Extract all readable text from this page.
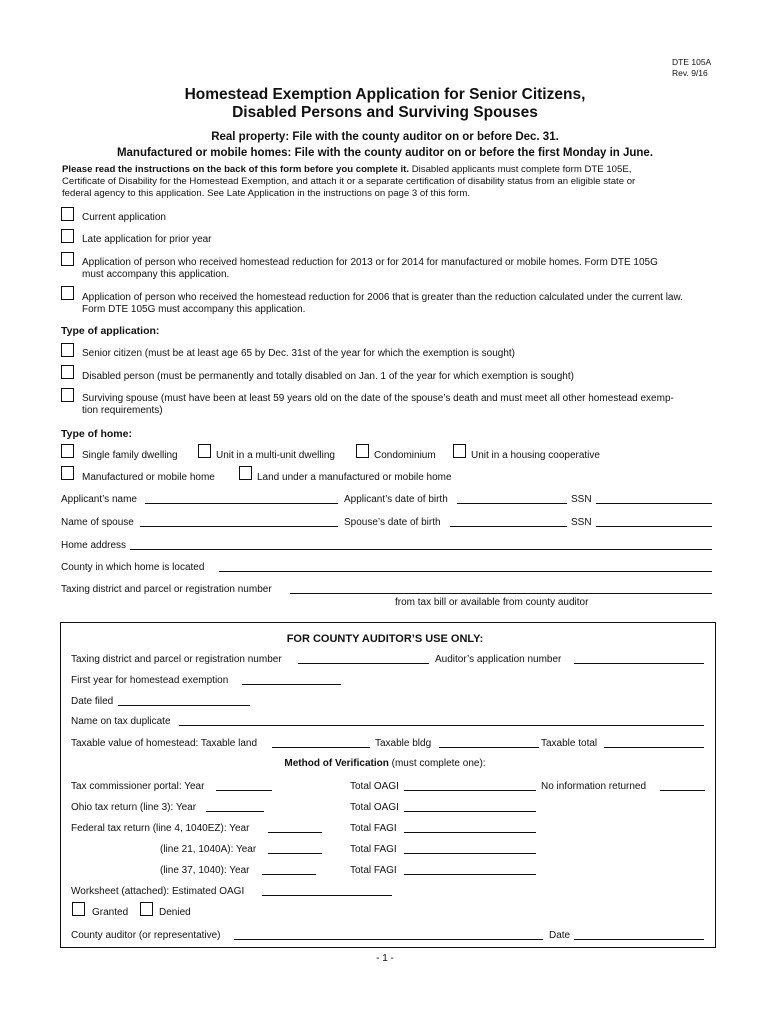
DTE 105A
Rev. 9/16
Homestead Exemption Application for Senior Citizens,
Disabled Persons and Surviving Spouses
Real property: File with the county auditor on or before Dec. 31.
Manufactured or mobile homes: File with the county auditor on or before the first Monday in June.
Please read the instructions on the back of this form before you complete it. Disabled applicants must complete form DTE 105E,
Certificate of Disability for the Homestead Exemption, and attach it or a separate certification of disability status from an eligible state or
federal agency to this application. See Late Application in the instructions on page 3 of this form.
Current application
Late application for prior year
Application of person who received homestead reduction for 2013 or for 2014 for manufactured or mobile homes. Form DTE 105G
must accompany this application.
Application of person who received the homestead reduction for 2006 that is greater than the reduction calculated under the current law.
Form DTE 105G must accompany this application.
Type of application:
Senior citizen (must be at least age 65 by Dec. 31st of the year for which the exemption is sought)
Disabled person (must be permanently and totally disabled on Jan. 1 of the year for which exemption is sought)
Surviving spouse (must have been at least 59 years old on the date of the spouse’s death and must meet all other homestead exemp-
tion requirements)
Type of home:
Single family dwelling	Unit in a multi-unit dwelling	Condominium	Unit in a housing cooperative
Manufactured or mobile home	Land under a manufactured or mobile home
Applicant’s name	Applicant’s date of birth	SSN
Name of spouse	Spouse’s date of birth	SSN
Home address
County in which home is located
Taxing district and parcel or registration number
from tax bill or available from county auditor
FOR COUNTY AUDITOR’S USE ONLY:
Taxing district and parcel or registration number	Auditor’s application number
First year for homestead exemption
Date filed
Name on tax duplicate
Taxable value of homestead: Taxable land	Taxable bldg	Taxable total
Method of Verification (must complete one):
Tax commissioner portal: Year	Total OAGI	No information returned
Ohio tax return (line 3): Year	Total OAGI
Federal tax return (line 4, 1040EZ): Year	Total FAGI
(line 21, 1040A): Year	Total FAGI
(line 37, 1040): Year	Total FAGI
Worksheet (attached): Estimated OAGI
Granted	Denied
County auditor (or representative)	Date
- 1 -
